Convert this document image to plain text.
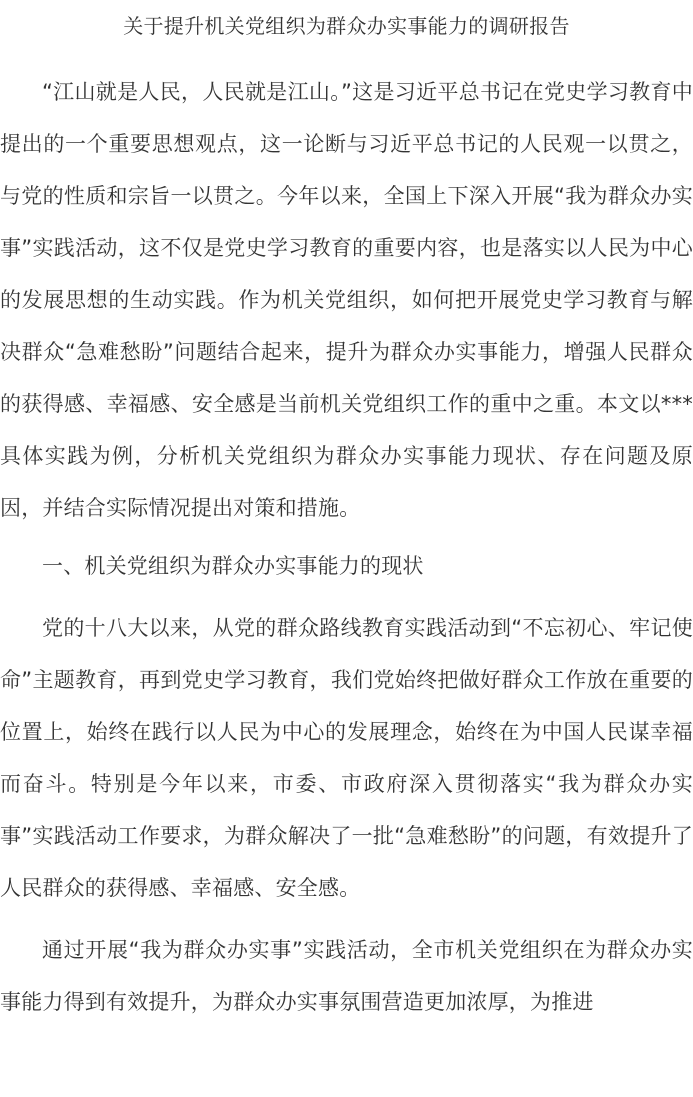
关于提升机关党组织为群众办实事能力的调研报告

“江山就是人民，人民就是江山。”这是习近平总书记在党史学习教育中提出的一个重要思想观点，这一论断与习近平总书记的人民观一以贯之，与党的性质和宗旨一以贯之。今年以来，全国上下深入开展“我为群众办实事”实践活动，这不仅是党史学习教育的重要内容，也是落实以人民为中心的发展思想的生动实践。作为机关党组织，如何把开展党史学习教育与解决群众“急难愁盼”问题结合起来，提升为群众办实事能力，增强人民群众的获得感、幸福感、安全感是当前机关党组织工作的重中之重。本文以***具体实践为例，分析机关党组织为群众办实事能力现状、存在问题及原因，并结合实际情况提出对策和措施。

一、机关党组织为群众办实事能力的现状

党的十八大以来，从党的群众路线教育实践活动到“不忘初心、牢记使命”主题教育，再到党史学习教育，我们党始终把做好群众工作放在重要的位置上，始终在践行以人民为中心的发展理念，始终在为中国人民谋幸福而奋斗。特别是今年以来，市委、市政府深入贯彻落实“我为群众办实事”实践活动工作要求，为群众解决了一批“急难愁盼”的问题，有效提升了人民群众的获得感、幸福感、安全感。

通过开展“我为群众办实事”实践活动，全市机关党组织在为群众办实事能力得到有效提升，为群众办实事氛围营造更加浓厚，为推进
